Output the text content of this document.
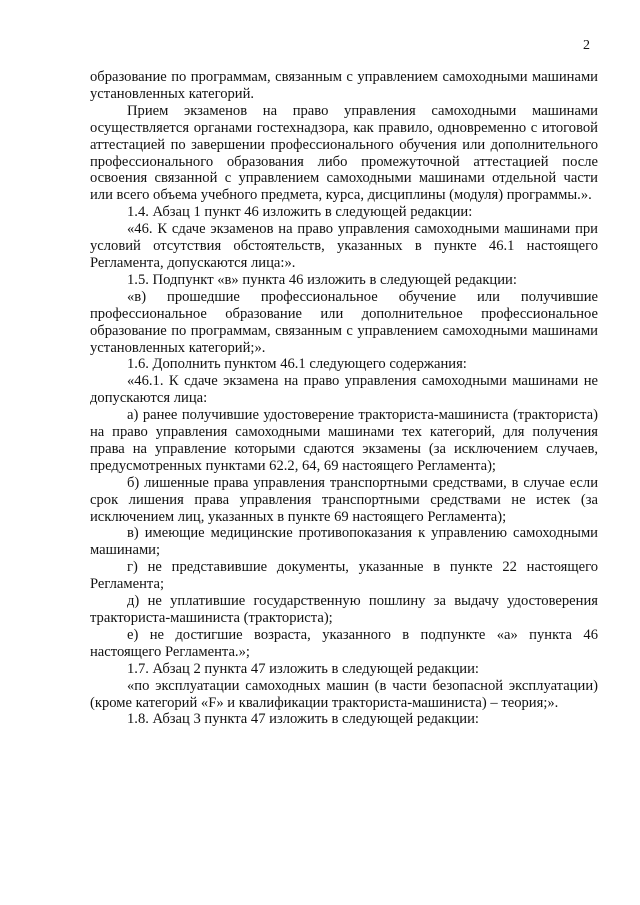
2

образование по программам, связанным с управлением самоходными машинами установленных категорий.

Прием экзаменов на право управления самоходными машинами осуществляется органами гостехнадзора, как правило, одновременно с итоговой аттестацией по завершении профессионального обучения или дополнительного профессионального образования либо промежуточной аттестацией после освоения связанной с управлением самоходными машинами отдельной части или всего объема учебного предмета, курса, дисциплины (модуля) программы.».

1.4. Абзац 1 пункт 46 изложить в следующей редакции:

«46. К сдаче экзаменов на право управления самоходными машинами при условий отсутствия обстоятельств, указанных в пункте 46.1 настоящего Регламента, допускаются лица:».

1.5. Подпункт «в» пункта 46 изложить в следующей редакции:

«в) прошедшие профессиональное обучение или получившие профессиональное образование или дополнительное профессиональное образование по программам, связанным с управлением самоходными машинами установленных категорий;».

1.6. Дополнить пунктом 46.1 следующего содержания:

«46.1. К сдаче экзамена на право управления самоходными машинами не допускаются лица:

а) ранее получившие удостоверение тракториста-машиниста (тракториста) на право управления самоходными машинами тех категорий, для получения права на управление которыми сдаются экзамены (за исключением случаев, предусмотренных пунктами 62.2, 64, 69 настоящего Регламента);

б) лишенные права управления транспортными средствами, в случае если срок лишения права управления транспортными средствами не истек (за исключением лиц, указанных в пункте 69 настоящего Регламента);

в) имеющие медицинские противопоказания к управлению самоходными машинами;

г) не представившие документы, указанные в пункте 22 настоящего Регламента;

д) не уплатившие государственную пошлину за выдачу удостоверения тракториста-машиниста (тракториста);

е) не достигшие возраста, указанного в подпункте «а» пункта 46 настоящего Регламента.»;

1.7. Абзац 2 пункта 47 изложить в следующей редакции:

«по эксплуатации самоходных машин (в части безопасной эксплуатации) (кроме категорий «F» и квалификации тракториста-машиниста) – теория;».

1.8. Абзац 3 пункта 47 изложить в следующей редакции:
